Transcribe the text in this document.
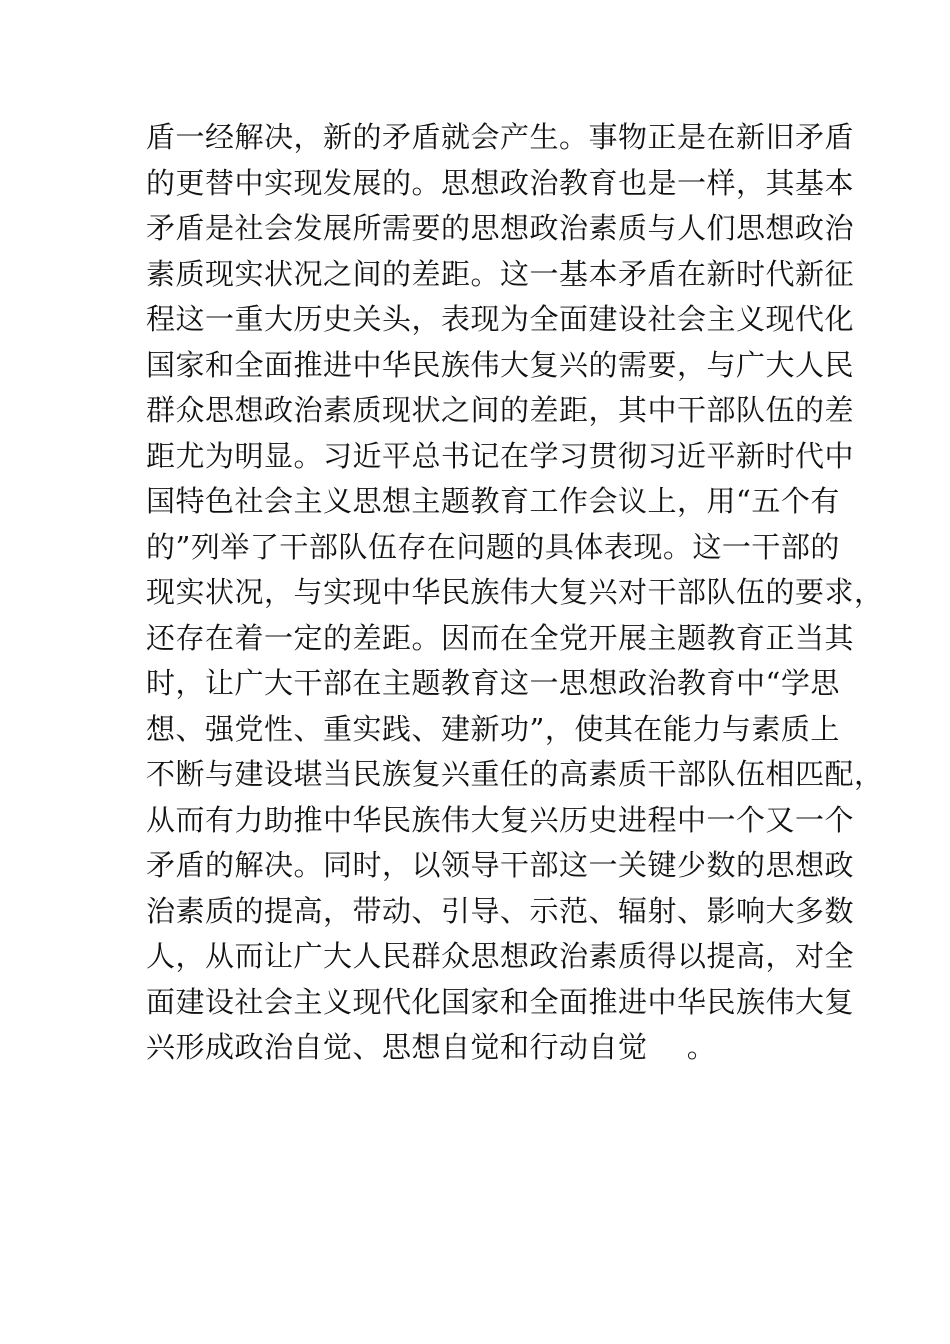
盾一经解决，新的矛盾就会产生。事物正是在新旧矛盾
的更替中实现发展的。思想政治教育也是一样，其基本
矛盾是社会发展所需要的思想政治素质与人们思想政治
素质现实状况之间的差距。这一基本矛盾在新时代新征
程这一重大历史关头，表现为全面建设社会主义现代化
国家和全面推进中华民族伟大复兴的需要，与广大人民
群众思想政治素质现状之间的差距，其中干部队伍的差
距尤为明显。习近平总书记在学习贯彻习近平新时代中
国特色社会主义思想主题教育工作会议上，用“五个有
的”列举了干部队伍存在问题的具体表现。这一干部的
现实状况，与实现中华民族伟大复兴对干部队伍的要求，
还存在着一定的差距。因而在全党开展主题教育正当其
时，让广大干部在主题教育这一思想政治教育中“学思
想、强党性、重实践、建新功”，使其在能力与素质上
不断与建设堪当民族复兴重任的高素质干部队伍相匹配，
从而有力助推中华民族伟大复兴历史进程中一个又一个
矛盾的解决。同时，以领导干部这一关键少数的思想政
治素质的提高，带动、引导、示范、辐射、影响大多数
人，从而让广大人民群众思想政治素质得以提高，对全
面建设社会主义现代化国家和全面推进中华民族伟大复
兴形成政治自觉、思想自觉和行动自觉　 。
